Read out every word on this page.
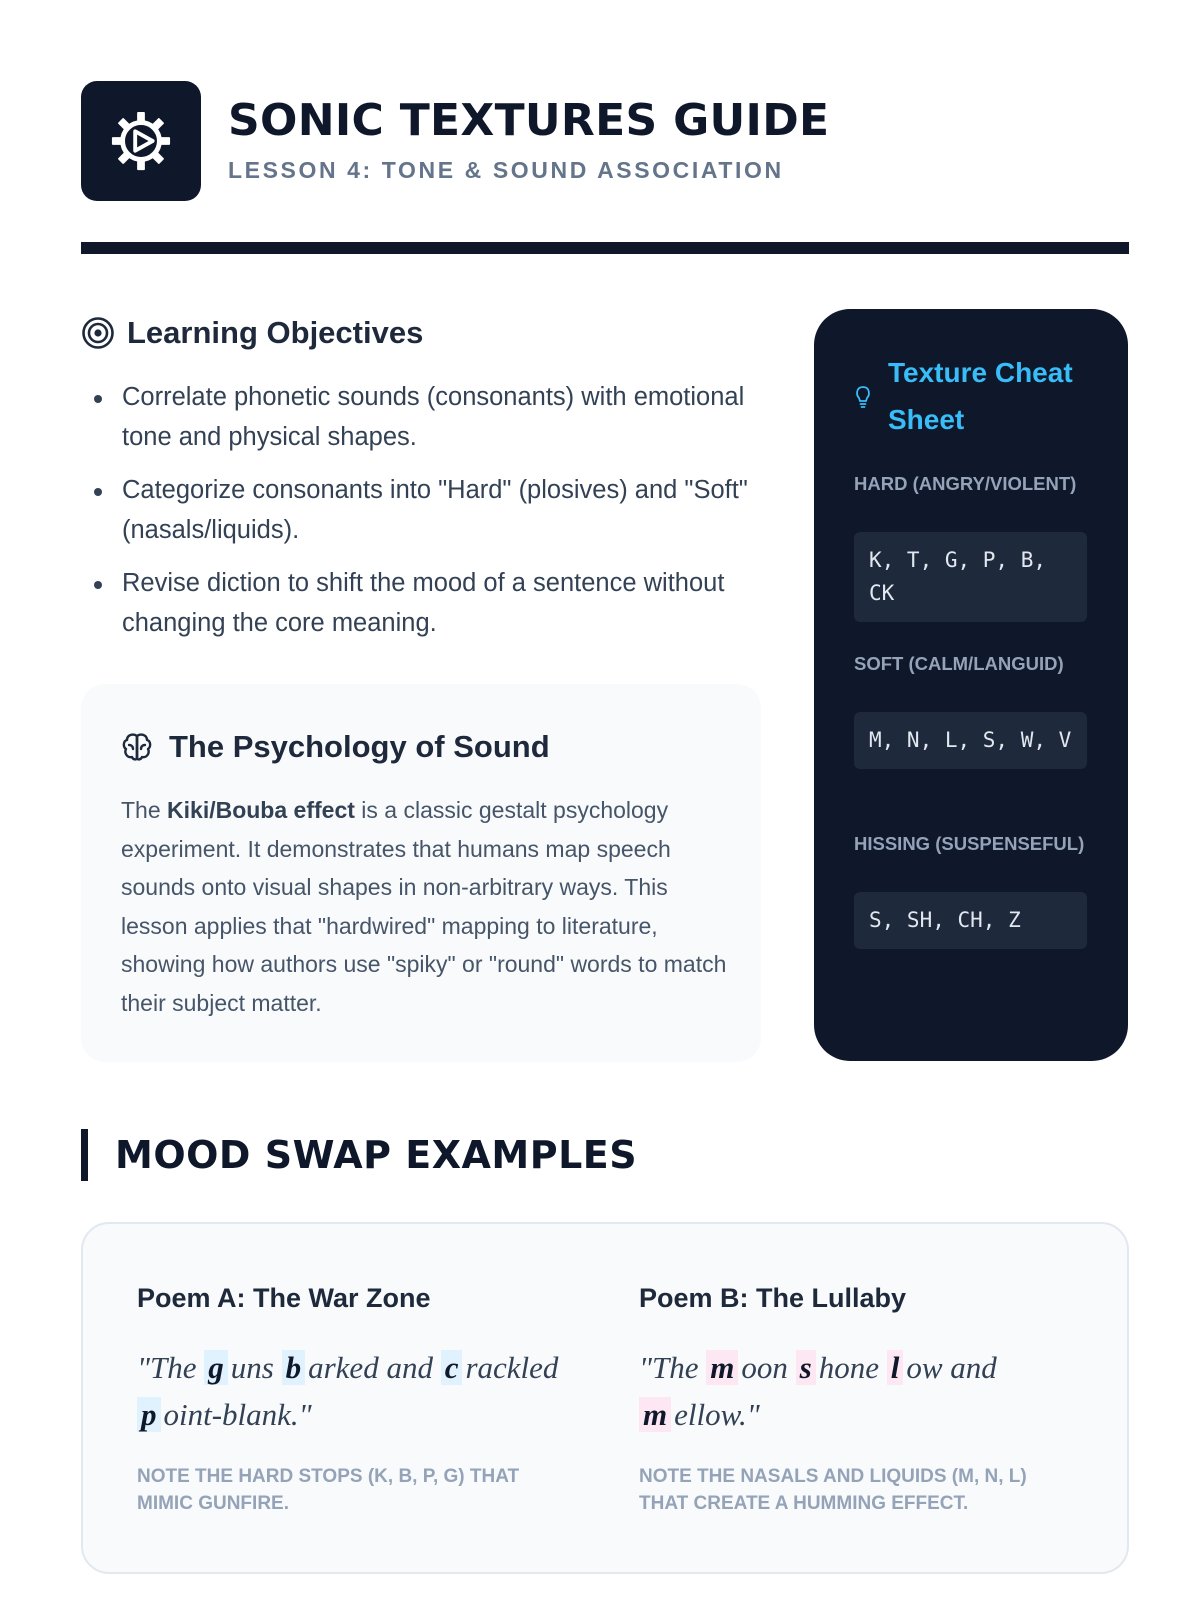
SONIC TEXTURES GUIDE
LESSON 4: TONE & SOUND ASSOCIATION
Learning Objectives
Correlate phonetic sounds (consonants) with emotional tone and physical shapes.
Categorize consonants into "Hard" (plosives) and "Soft" (nasals/liquids).
Revise diction to shift the mood of a sentence without changing the core meaning.
The Psychology of Sound

The Kiki/Bouba effect is a classic gestalt psychology experiment. It demonstrates that humans map speech sounds onto visual shapes in non-arbitrary ways. This lesson applies that "hardwired" mapping to literature, showing how authors use "spiky" or "round" words to match their subject matter.

Texture Cheat Sheet
HARD (ANGRY/VIOLENT)
K, T, G, P, B, CK
SOFT (CALM/LANGUID)
M, N, L, S, W, V
HISSING (SUSPENSEFUL)
S, SH, CH, Z
MOOD SWAP EXAMPLES
Poem A: The War Zone
"The g uns b arked and c rackled p oint-blank."
NOTE THE HARD STOPS (K, B, P, G) THAT MIMIC GUNFIRE.
Poem B: The Lullaby
"The m oon s hone l ow and m ellow."
NOTE THE NASALS AND LIQUIDS (M, N, L) THAT CREATE A HUMMING EFFECT.
